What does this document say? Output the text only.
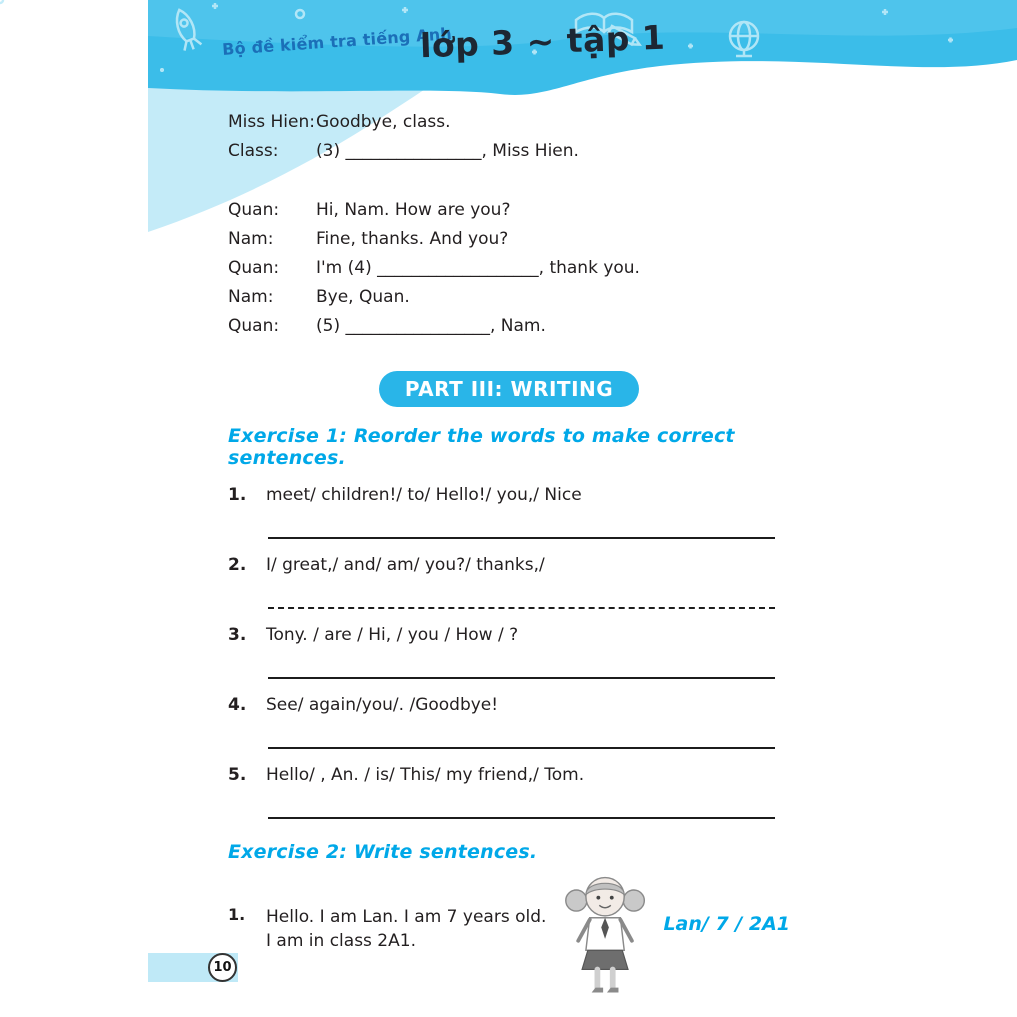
Bộ đề kiểm tra tiếng Anh
lớp 3 ~ tập 1
Miss Hien: Goodbye, class.
Class:	(3) ________________, Miss Hien.
Quan:	Hi, Nam. How are you?
Nam:	Fine, thanks. And you?
Quan:	I'm (4) ___________________, thank you.
Nam:	Bye, Quan.
Quan:	(5) _________________, Nam.
PART III: WRITING
Exercise 1: Reorder the words to make correct sentences.
1.	meet/ children!/ to/ Hello!/ you,/ Nice
2.	I/ great,/ and/ am/ you?/ thanks,/
3.	Tony. / are / Hi, / you / How / ?
4.	See/ again/you/. /Goodbye!
5.	Hello/ , An. / is/ This/ my friend,/ Tom.
Exercise 2: Write sentences.
1.	Hello. I am Lan. I am 7 years old.
I am in class 2A1.
Lan/ 7 / 2A1
10
